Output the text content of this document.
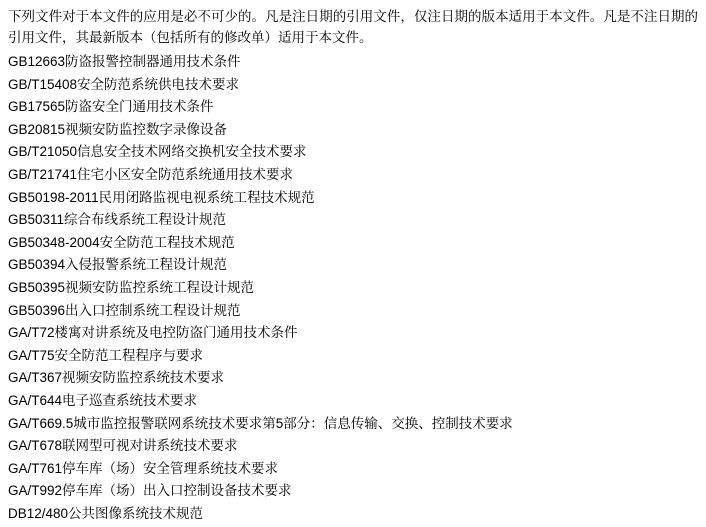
下列文件对于本文件的应用是必不可少的。凡是注日期的引用文件，仅注日期的版本适用于本文件。凡是不注日期的引用文件，其最新版本（包括所有的修改单）适用于本文件。

GB12663防盗报警控制器通用技术条件
GB/T15408安全防范系统供电技术要求
GB17565防盗安全门通用技术条件
GB20815视频安防监控数字录像设备
GB/T21050信息安全技术网络交换机安全技术要求
GB/T21741住宅小区安全防范系统通用技术要求
GB50198-2011民用闭路监视电视系统工程技术规范
GB50311综合布线系统工程设计规范
GB50348-2004安全防范工程技术规范
GB50394入侵报警系统工程设计规范
GB50395视频安防监控系统工程设计规范
GB50396出入口控制系统工程设计规范
GA/T72楼寓对讲系统及电控防盗门通用技术条件
GA/T75安全防范工程程序与要求
GA/T367视频安防监控系统技术要求
GA/T644电子巡查系统技术要求
GA/T669.5城市监控报警联网系统技术要求第5部分：信息传输、交换、控制技术要求
GA/T678联网型可视对讲系统技术要求
GA/T761停车库（场）安全管理系统技术要求
GA/T992停车库（场）出入口控制设备技术要求
DB12/480公共图像系统技术规范
